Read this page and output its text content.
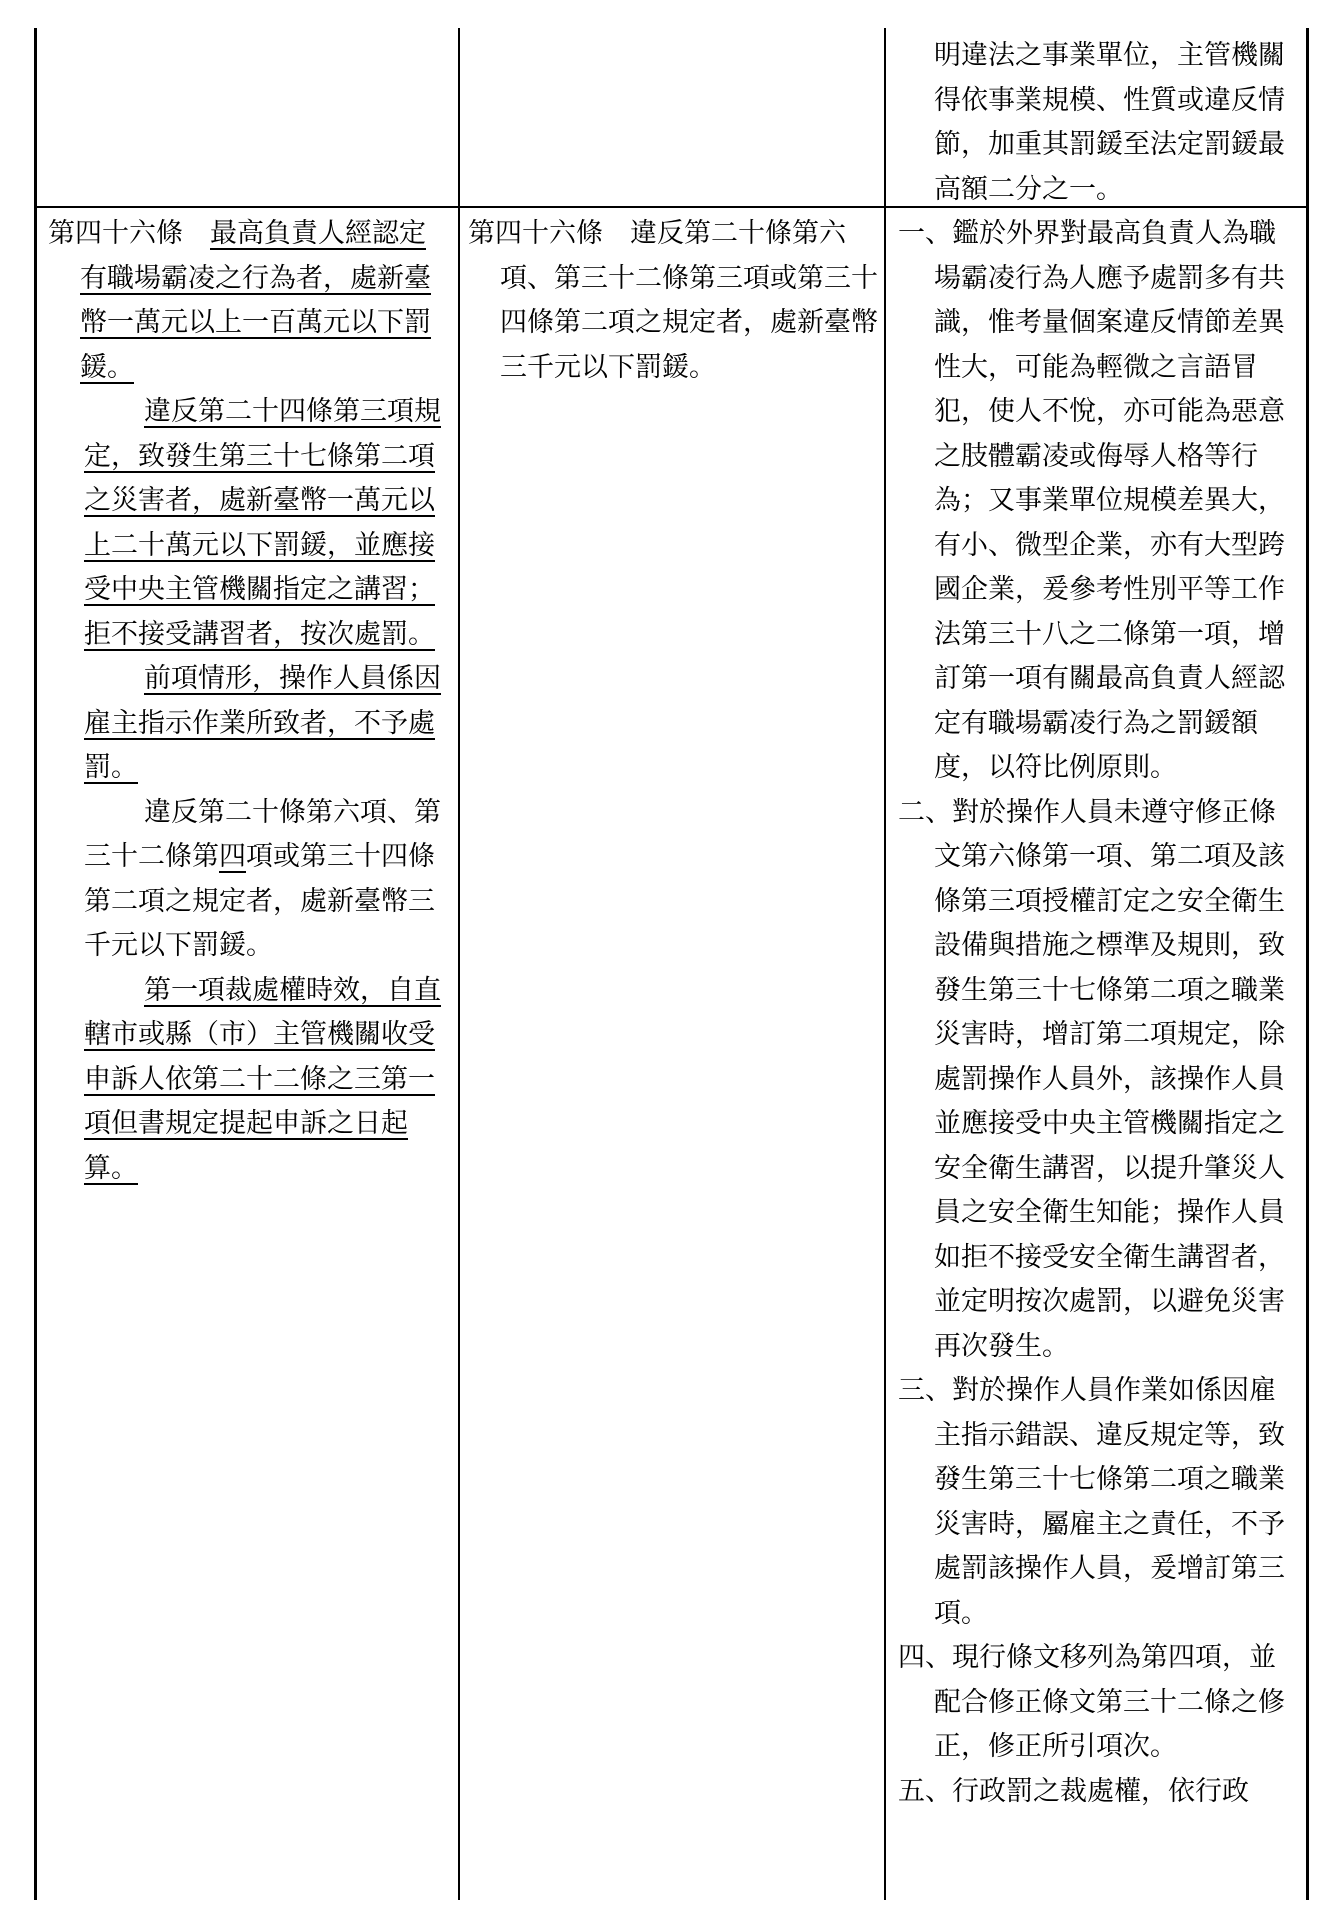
明違法之事業單位，主管機關得依事業規模、性質或違反情節，加重其罰鍰至法定罰鍰最高額二分之一。

第四十六條　 最高負責人經認定有職場霸凌之行為者，處新臺幣一萬元以上一百萬元以下罰鍰。

違反第二十四條第三項規定，致發生第三十七條第二項之災害者，處新臺幣一萬元以上二十萬元以下罰鍰，並應接受中央主管機關指定之講習；拒不接受講習者，按次處罰。

前項情形，操作人員係因雇主指示作業所致者，不予處罰。

違反第二十條第六項、第三十二條第四項或第三十四條第二項之規定者，處新臺幣三千元以下罰鍰。

第一項裁處權時效，自直轄市或縣（市）主管機關收受申訴人依第二十二條之三第一項但書規定提起申訴之日起算。

第四十六條　 違反第二十條第六項、第三十二條第三項或第三十四條第二項之規定者，處新臺幣三千元以下罰鍰。

一、鑑於外界對最高負責人為職場霸凌行為人應予處罰多有共識，惟考量個案違反情節差異性大，可能為輕微之言語冒犯，使人不悅，亦可能為惡意之肢體霸凌或侮辱人格等行為；又事業單位規模差異大，有小、微型企業，亦有大型跨國企業，爰參考性別平等工作法第三十八之二條第一項，增訂第一項有關最高負責人經認定有職場霸凌行為之罰鍰額度，以符比例原則。

二、對於操作人員未遵守修正條文第六條第一項、第二項及該條第三項授權訂定之安全衛生設備與措施之標準及規則，致發生第三十七條第二項之職業災害時，增訂第二項規定，除處罰操作人員外，該操作人員並應接受中央主管機關指定之安全衛生講習，以提升肇災人員之安全衛生知能；操作人員如拒不接受安全衛生講習者，並定明按次處罰，以避免災害再次發生。

三、對於操作人員作業如係因雇主指示錯誤、違反規定等，致發生第三十七條第二項之職業災害時，屬雇主之責任，不予處罰該操作人員，爰增訂第三項。

四、現行條文移列為第四項，並配合修正條文第三十二條之修正，修正所引項次。

五、行政罰之裁處權，依行政
